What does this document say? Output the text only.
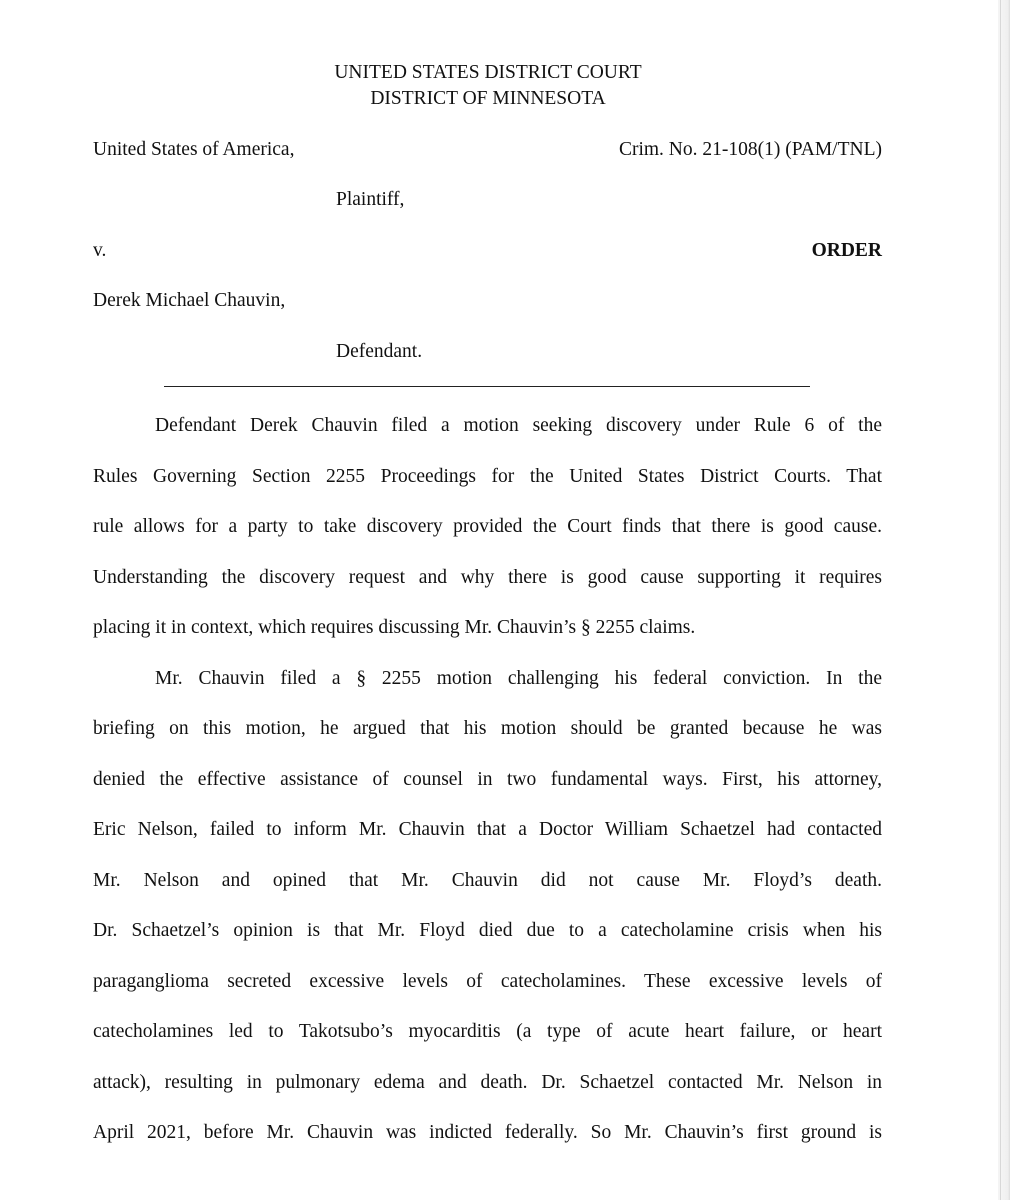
UNITED STATES DISTRICT COURT
DISTRICT OF MINNESOTA
United States of America,	Crim. No. 21-108(1) (PAM/TNL)
Plaintiff,
v.	ORDER
Derek Michael Chauvin,
Defendant.
Defendant Derek Chauvin filed a motion seeking discovery under Rule 6 of the
Rules Governing Section 2255 Proceedings for the United States District Courts. That
rule allows for a party to take discovery provided the Court finds that there is good cause.
Understanding the discovery request and why there is good cause supporting it requires
placing it in context, which requires discussing Mr. Chauvin’s § 2255 claims.
Mr. Chauvin filed a § 2255 motion challenging his federal conviction. In the
briefing on this motion, he argued that his motion should be granted because he was
denied the effective assistance of counsel in two fundamental ways. First, his attorney,
Eric Nelson, failed to inform Mr. Chauvin that a Doctor William Schaetzel had contacted
Mr. Nelson and opined that Mr. Chauvin did not cause Mr. Floyd’s death.
Dr. Schaetzel’s opinion is that Mr. Floyd died due to a catecholamine crisis when his
paraganglioma secreted excessive levels of catecholamines. These excessive levels of
catecholamines led to Takotsubo’s myocarditis (a type of acute heart failure, or heart
attack), resulting in pulmonary edema and death. Dr. Schaetzel contacted Mr. Nelson in
April 2021, before Mr. Chauvin was indicted federally. So Mr. Chauvin’s first ground is
